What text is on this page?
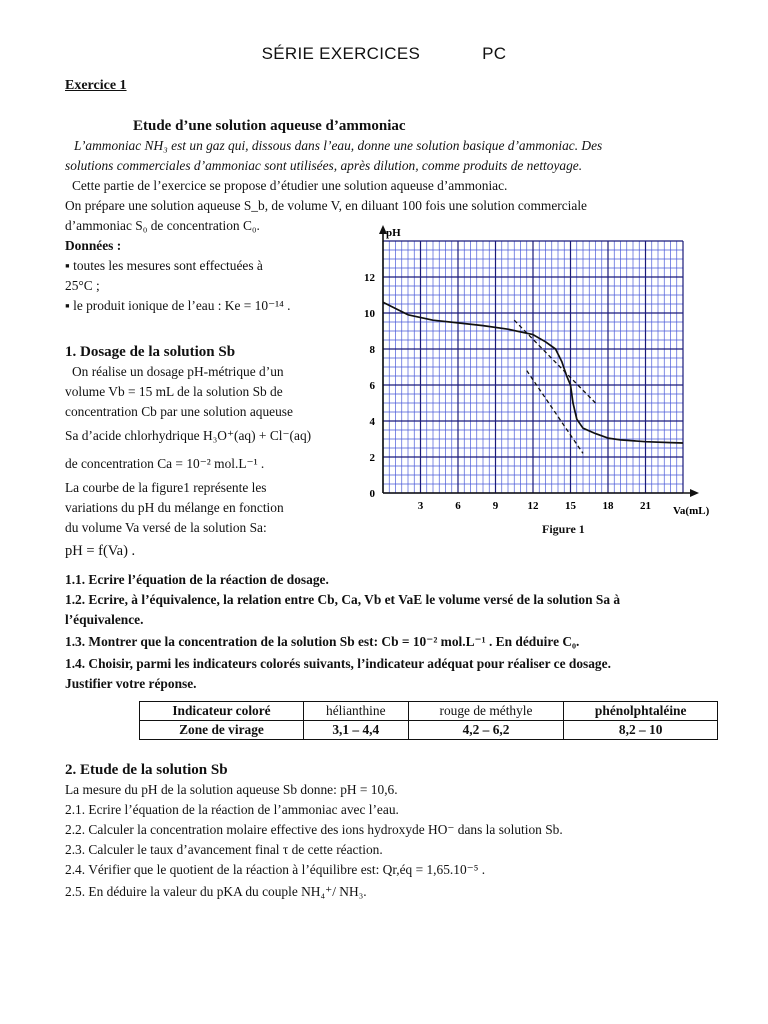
SÉRIE EXERCICES	PC
Exercice 1

Etude d’une solution aqueuse d’ammoniac

L’ammoniac NH₃ est un gaz qui, dissous dans l’eau, donne une solution basique d’ammoniac. Des

solutions commerciales d’ammoniac sont utilisées, après dilution, comme produits de nettoyage.

Cette partie de l’exercice se propose d’étudier une solution aqueuse d’ammoniac.

On prépare une solution aqueuse S_b, de volume V, en diluant 100 fois une solution commerciale

d’ammoniac S₀ de concentration C₀.

Données :

▪ toutes les mesures sont effectuées à

25°C ;

▪ le produit ionique de l’eau : Ke = 10⁻¹⁴ .

1. Dosage de la solution Sb

On réalise un dosage pH-métrique d’un

volume Vb = 15 mL de la solution Sb de

concentration Cb par une solution aqueuse

Sa d’acide chlorhydrique H₃O⁺(aq) + Cl⁻(aq)

de concentration Ca = 10⁻² mol.L⁻¹ .

La courbe de la figure1 représente les

variations du pH du mélange en fonction

du volume Va versé de la solution Sa:

pH = f(Va) .

3	6	9	12 15 18 21
0
2
4
6
8
10
12
pH
Va(mL)
Figure 1

1.1. Ecrire l’équation de la réaction de dosage.

1.2. Ecrire, à l’équivalence, la relation entre Cb, Ca, Vb et VaE le volume versé de la solution Sa à

l’équivalence.

1.3. Montrer que la concentration de la solution Sb est: Cb = 10⁻² mol.L⁻¹ . En déduire C₀.

1.4. Choisir, parmi les indicateurs colorés suivants, l’indicateur adéquat pour réaliser ce dosage.

Justifier votre réponse.

Indicateur coloré	hélianthine	rouge de méthyle	phénolphtaléine
Zone de virage	3,1 – 4,4	4,2 – 6,2	8,2 – 10

2. Etude de la solution Sb

La mesure du pH de la solution aqueuse Sb donne: pH = 10,6.

2.1. Ecrire l’équation de la réaction de l’ammoniac avec l’eau.

2.2. Calculer la concentration molaire effective des ions hydroxyde HO⁻ dans la solution Sb.

2.3. Calculer le taux d’avancement final τ de cette réaction.

2.4. Vérifier que le quotient de la réaction à l’équilibre est: Qr,éq = 1,65.10⁻⁵ .

2.5. En déduire la valeur du pKA du couple NH₄⁺/ NH₃.
